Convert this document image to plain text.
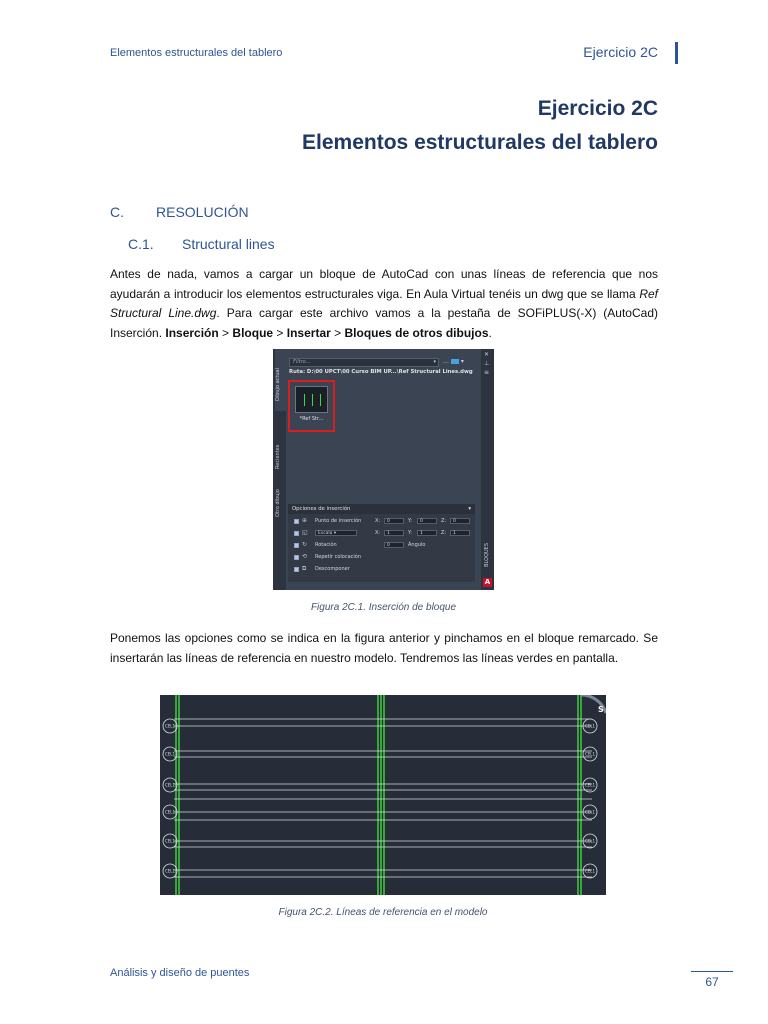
Elementos estructurales del tablero	Ejercicio 2C
Ejercicio 2C
Elementos estructurales del tablero
C. RESOLUCIÓN
C.1. Structural lines
Antes de nada, vamos a cargar un bloque de AutoCad con unas líneas de referencia que nos ayudarán a introducir los elementos estructurales viga. En Aula Virtual tenéis un dwg que se llama Ref Structural Line.dwg. Para cargar este archivo vamos a la pestaña de SOFiPLUS(-X) (AutoCad) Inserción. Inserción > Bloque > Insertar > Bloques de otros dibujos.
Dibujo actual
Recientes
Otro dibujo
✕
⊥
≡
BLOQUES
A
Filtro...	▾ … ▾
Ruta: D:\00 UPCT\00 Curso BIM UP...\Ref Structural Lines.dwg
*Ref Str...
Opciones de inserción	▾
⊕ Punto de inserción	X:	0	Y:	0	Z:	0
◱	Escala ▾	X:	1	Y:	1	Z:	1
↻ Rotación	0	Ángulo
⟲ Repetir colocación
⧉ Descomponer
Figura 2C.1. Inserción de bloque
Ponemos las opciones como se indica en la figura anterior y pinchamos en el bloque remarcado. Se insertarán las líneas de referencia en nuestro modelo. Tendremos las líneas verdes en pantalla.
CEL1	CEL1
CEL1	CEL1
CEL1	CEL1
CEL1	CEL1
CEL1	CEL1
CEL1	CEL1
S
Figura 2C.2. Líneas de referencia en el modelo
Análisis y diseño de puentes
67
